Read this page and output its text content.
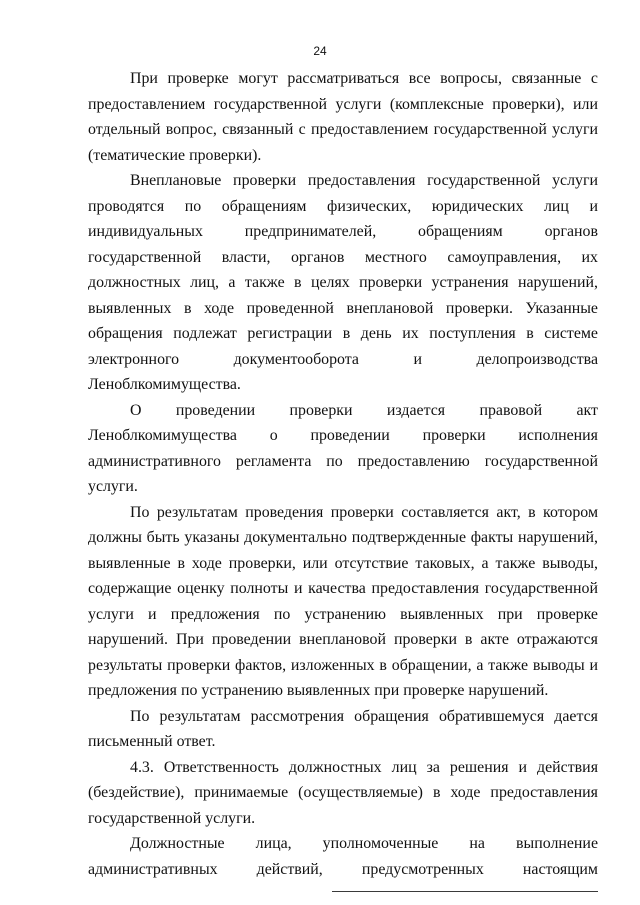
24

При проверке могут рассматриваться все вопросы, связанные с предоставлением государственной услуги (комплексные проверки), или отдельный вопрос, связанный с предоставлением государственной услуги (тематические проверки).

Внеплановые проверки предоставления государственной услуги проводятся по обращениям физических, юридических лиц и индивидуальных предпринимателей, обращениям органов государственной власти, органов местного самоуправления, их должностных лиц, а также в целях проверки устранения нарушений, выявленных в ходе проведенной внеплановой проверки. Указанные обращения подлежат регистрации в день их поступления в системе электронного документооборота и делопроизводства Леноблкомимущества.

О проведении проверки издается правовой акт Леноблкомимущества о проведении проверки исполнения административного регламента по предоставлению государственной услуги.

По результатам проведения проверки составляется акт, в котором должны быть указаны документально подтвержденные факты нарушений, выявленные в ходе проверки, или отсутствие таковых, а также выводы, содержащие оценку полноты и качества предоставления государственной услуги и предложения по устранению выявленных при проверке нарушений. При проведении внеплановой проверки в акте отражаются результаты проверки фактов, изложенных в обращении, а также выводы и предложения по устранению выявленных при проверке нарушений.

По результатам рассмотрения обращения обратившемуся дается письменный ответ.

4.3. Ответственность должностных лиц за решения и действия (бездействие), принимаемые (осуществляемые) в ходе предоставления государственной услуги.

Должностные лица, уполномоченные на выполнение административных действий, предусмотренных настоящим
